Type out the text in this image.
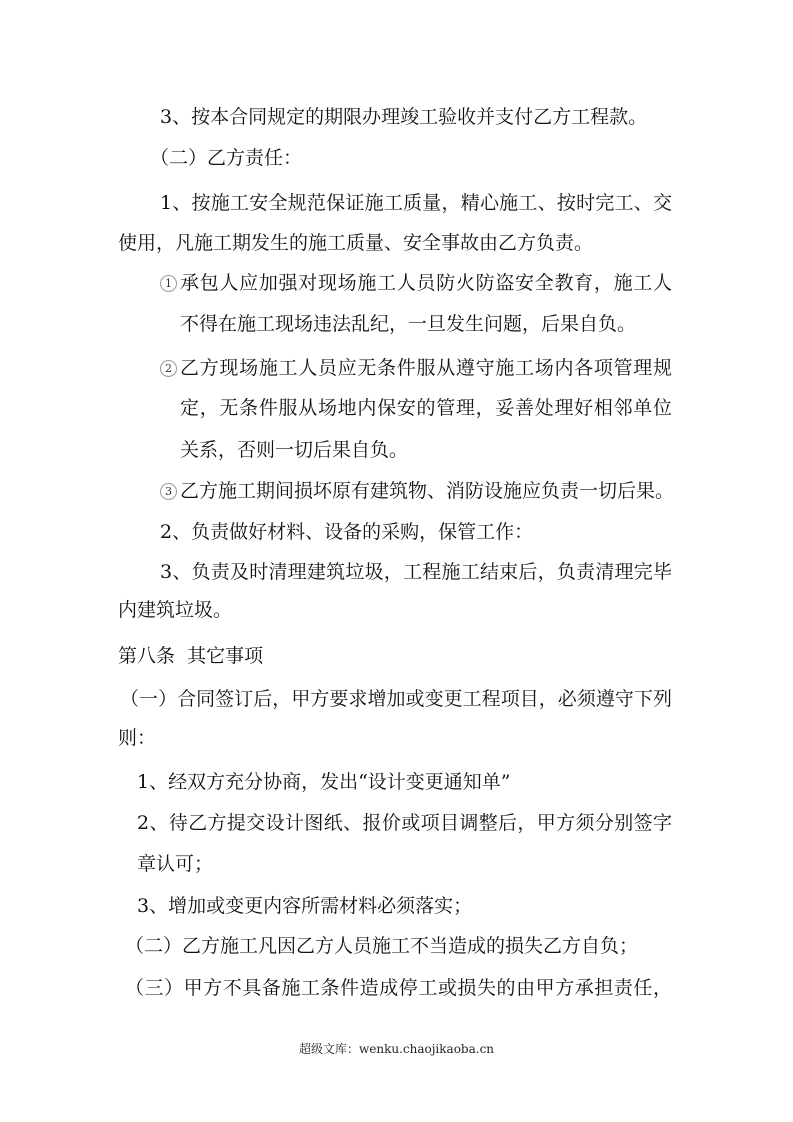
3、按本合同规定的期限办理竣工验收并支付乙方工程款。
（二）乙方责任：
1、按施工安全规范保证施工质量，精心施工、按时完工、交
使用，凡施工期发生的施工质量、安全事故由乙方负责。
1 承包人应加强对现场施工人员防火防盗安全教育，施工人
不得在施工现场违法乱纪，一旦发生问题，后果自负。
2 乙方现场施工人员应无条件服从遵守施工场内各项管理规
定，无条件服从场地内保安的管理，妥善处理好相邻单位
关系，否则一切后果自负。
3 乙方施工期间损坏原有建筑物、消防设施应负责一切后果。
2、负责做好材料、设备的采购，保管工作：
3、负责及时清理建筑垃圾，工程施工结束后，负责清理完毕
内建筑垃圾。
第八条  其它事项
（一）合同签订后，甲方要求增加或变更工程项目，必须遵守下列
则：
1、经双方充分协商，发出“设计变更通知单”
2、待乙方提交设计图纸、报价或项目调整后，甲方须分别签字
章认可；
3、增加或变更内容所需材料必须落实；
（二）乙方施工凡因乙方人员施工不当造成的损失乙方自负；
（三）甲方不具备施工条件造成停工或损失的由甲方承担责任，
超级文库：wenku.chaojikaoba.cn
